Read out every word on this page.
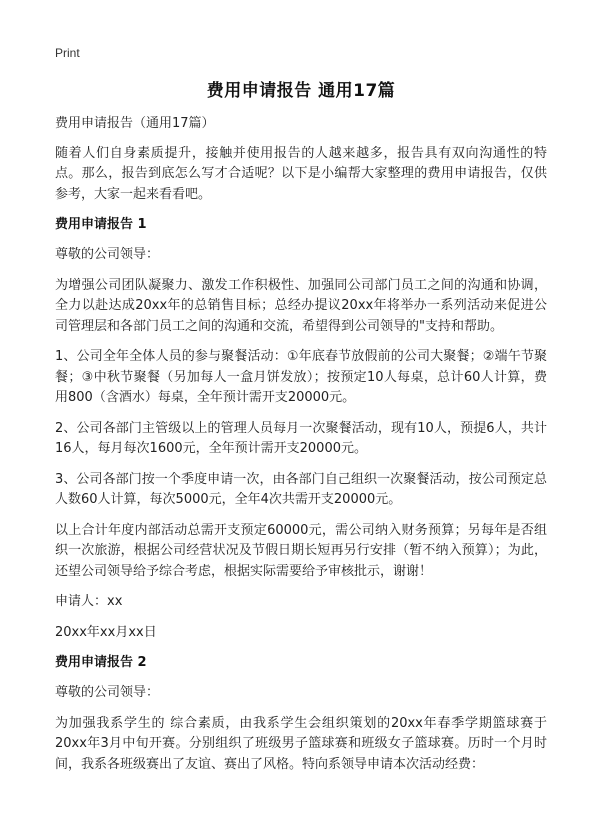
Print
费用申请报告 通用17篇

费用申请报告（通用17篇）

随着人们自身素质提升，接触并使用报告的人越来越多，报告具有双向沟通性的特点。那么，报告到底怎么写才合适呢？以下是小编帮大家整理的费用申请报告，仅供参考，大家一起来看看吧。

费用申请报告 1

尊敬的公司领导：

为增强公司团队凝聚力、激发工作积极性、加强同公司部门员工之间的沟通和协调，全力以赴达成20xx年的总销售目标；总经办提议20xx年将举办一系列活动来促进公司管理层和各部门员工之间的沟通和交流，希望得到公司领导的"支持和帮助。

1、公司全年全体人员的参与聚餐活动：①年底春节放假前的公司大聚餐；②端午节聚餐；③中秋节聚餐（另加每人一盒月饼发放）；按预定10人每桌，总计60人计算，费用800（含酒水）每桌，全年预计需开支20000元。

2、公司各部门主管级以上的管理人员每月一次聚餐活动，现有10人，预提6人，共计16人，每月每次1600元，全年预计需开支20000元。

3、公司各部门按一个季度申请一次，由各部门自己组织一次聚餐活动，按公司预定总人数60人计算，每次5000元，全年4次共需开支20000元。

以上合计年度内部活动总需开支预定60000元，需公司纳入财务预算；另每年是否组织一次旅游，根据公司经营状况及节假日期长短再另行安排（暂不纳入预算）；为此，还望公司领导给予综合考虑，根据实际需要给予审核批示，谢谢！

申请人：xx

20xx年xx月xx日

费用申请报告 2

尊敬的公司领导：

为加强我系学生的 综合素质，由我系学生会组织策划的20xx年春季学期篮球赛于20xx年3月中旬开赛。分别组织了班级男子篮球赛和班级女子篮球赛。历时一个月时间，我系各班级赛出了友谊、赛出了风格。特向系领导申请本次活动经费：
